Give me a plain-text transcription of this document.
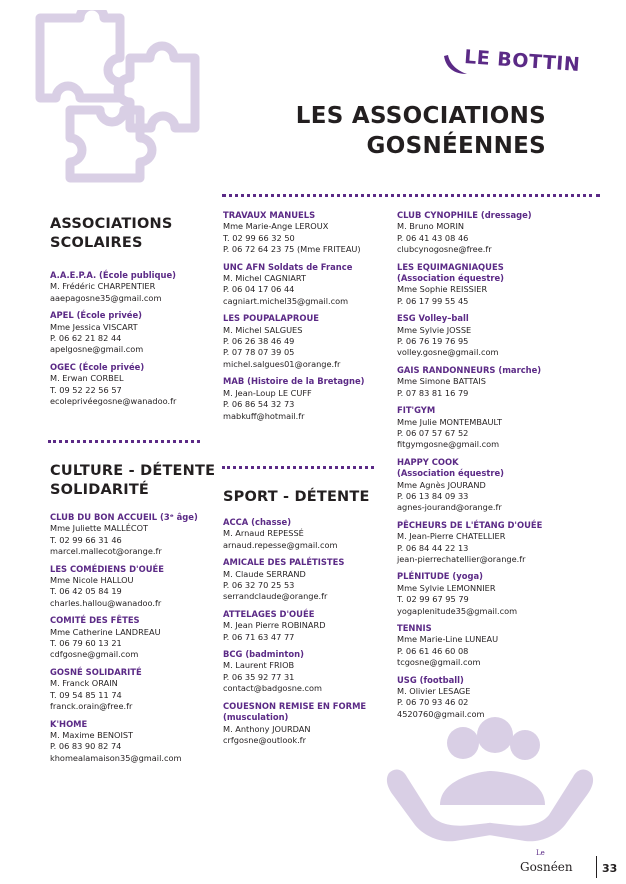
LE BOTTIN
LES ASSOCIATIONS
GOSNÉENNES
ASSOCIATIONS
SCOLAIRES
A.A.E.P.A. (École publique)
M. Frédéric CHARPENTIER
aaepagosne35@gmail.com
APEL (École privée)
Mme Jessica VISCART
P. 06 62 21 82 44
apelgosne@gmail.com
OGEC (École privée)
M. Erwan CORBEL
T. 09 52 22 56 57
ecoleprivéegosne@wanadoo.fr
CULTURE - DÉTENTE
SOLIDARITÉ
CLUB DU BON ACCUEIL (3ᵉ âge)
Mme Juliette MALLÉCOT
T. 02 99 66 31 46
marcel.mallecot@orange.fr
LES COMÉDIENS D'OUÉE
Mme Nicole HALLOU
T. 06 42 05 84 19
charles.hallou@wanadoo.fr
COMITÉ DES FÊTES
Mme Catherine LANDREAU
T. 06 79 60 13 21
cdfgosne@gmail.com
GOSNÉ SOLIDARITÉ
M. Franck ORAIN
T. 09 54 85 11 74
franck.orain@free.fr
K'HOME
M. Maxime BENOIST
P. 06 83 90 82 74
khomealamaison35@gmail.com
TRAVAUX MANUELS
Mme Marie-Ange LEROUX
T. 02 99 66 32 50
P. 06 72 64 23 75 (Mme FRITEAU)
UNC AFN Soldats de France
M. Michel CAGNIART
P. 06 04 17 06 44
cagniart.michel35@gmail.com
LES POUPALAPROUE
M. Michel SALGUES
P. 06 26 38 46 49
P. 07 78 07 39 05
michel.salgues01@orange.fr
MAB (Histoire de la Bretagne)
M. Jean-Loup LE CUFF
P. 06 86 54 32 73
mabkuff@hotmail.fr
SPORT - DÉTENTE
ACCA (chasse)
M. Arnaud REPESSÉ
arnaud.repesse@gmail.com
AMICALE DES PALÉTISTES
M. Claude SERRAND
P. 06 32 70 25 53
serrandclaude@orange.fr
ATTELAGES D'OUÉE
M. Jean Pierre ROBINARD
P. 06 71 63 47 77
BCG (badminton)
M. Laurent FRIOB
P. 06 35 92 77 31
contact@badgosne.com
COUESNON REMISE EN FORME
(musculation)
M. Anthony JOURDAN
crfgosne@outlook.fr
CLUB CYNOPHILE (dressage)
M. Bruno MORIN
P. 06 41 43 08 46
clubcynogosne@free.fr
LES EQUIMAGNIAQUES
(Association équestre)
Mme Sophie REISSIER
P. 06 17 99 55 45
ESG Volley–ball
Mme Sylvie JOSSE
P. 06 76 19 76 95
volley.gosne@gmail.com
GAIS RANDONNEURS (marche)
Mme Simone BATTAIS
P. 07 83 81 16 79
FIT'GYM
Mme Julie MONTEMBAULT
P. 06 07 57 67 52
fitgymgosne@gmail.com
HAPPY COOK
(Association équestre)
Mme Agnès JOURAND
P. 06 13 84 09 33
agnes-jourand@orange.fr
PÊCHEURS DE L'ÉTANG D'OUÉE
M. Jean-Pierre CHATELLIER
P. 06 84 44 22 13
jean-pierrechatellier@orange.fr
PLÉNITUDE (yoga)
Mme Sylvie LEMONNIER
T. 02 99 67 95 79
yogaplenitude35@gmail.com
TENNIS
Mme Marie-Line LUNEAU
P. 06 61 46 60 08
tcgosne@gmail.com
USG (football)
M. Olivier LESAGE
P. 06 70 93 46 02
4520760@gmail.com
Le
Gosnéen	33
